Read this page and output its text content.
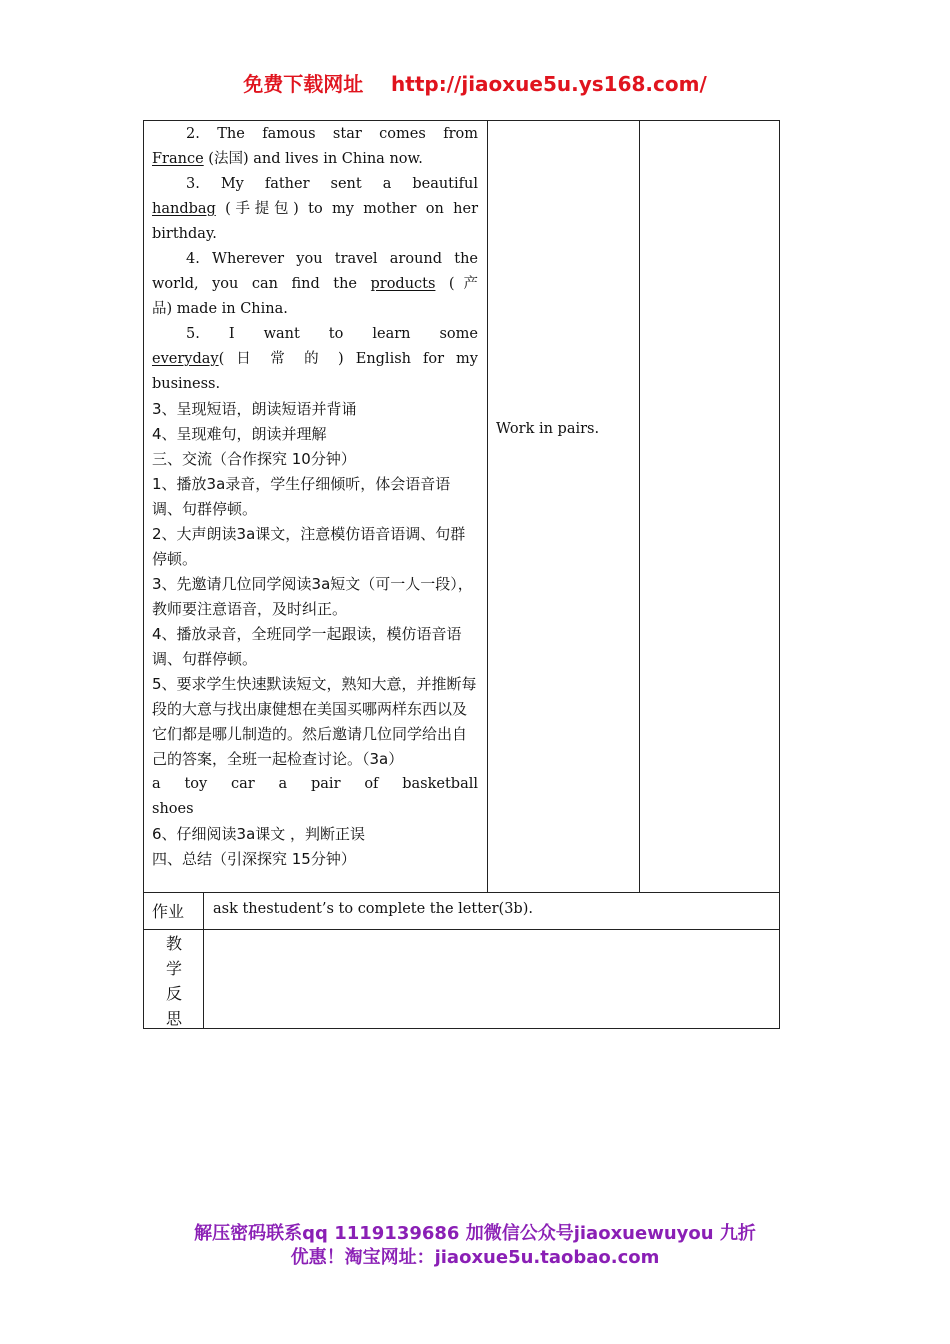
免费下载网址    http://jiaoxue5u.ys168.com/

2. The famous star comes from

France (法国) and lives in China now.

3. My father sent a beautiful

handbag (手提包) to my mother on her

birthday.

4. Wherever you travel around the

world, you can find the products (产

品) made in China.

5. I want to learn some

everyday( 日 常 的 ) English for my

business.

3、呈现短语，朗读短语并背诵

4、呈现难句，朗读并理解

三、交流（合作探究 10分钟）

1、播放3a录音，学生仔细倾听，体会语音语调、句群停顿。

2、大声朗读3a课文，注意模仿语音语调、句群停顿。

3、先邀请几位同学阅读3a短文（可一人一段），教师要注意语音，及时纠正。

4、播放录音，全班同学一起跟读，模仿语音语调、句群停顿。

5、要求学生快速默读短文，熟知大意，并推断每段的大意与找出康健想在美国买哪两样东西以及它们都是哪儿制造的。然后邀请几位同学给出自己的答案，全班一起检查讨论。（3a）

a toy car a pair of basketball

shoes

6、仔细阅读3a课文 ，判断正误

四、总结（引深探究 15分钟）

Work in pairs.
作业 ask thestudent’s to complete the letter(3b).
教
学
反
思
解压密码联系qq 1119139686 加微信公众号jiaoxuewuyou 九折
优惠！淘宝网址：jiaoxue5u.taobao.com
